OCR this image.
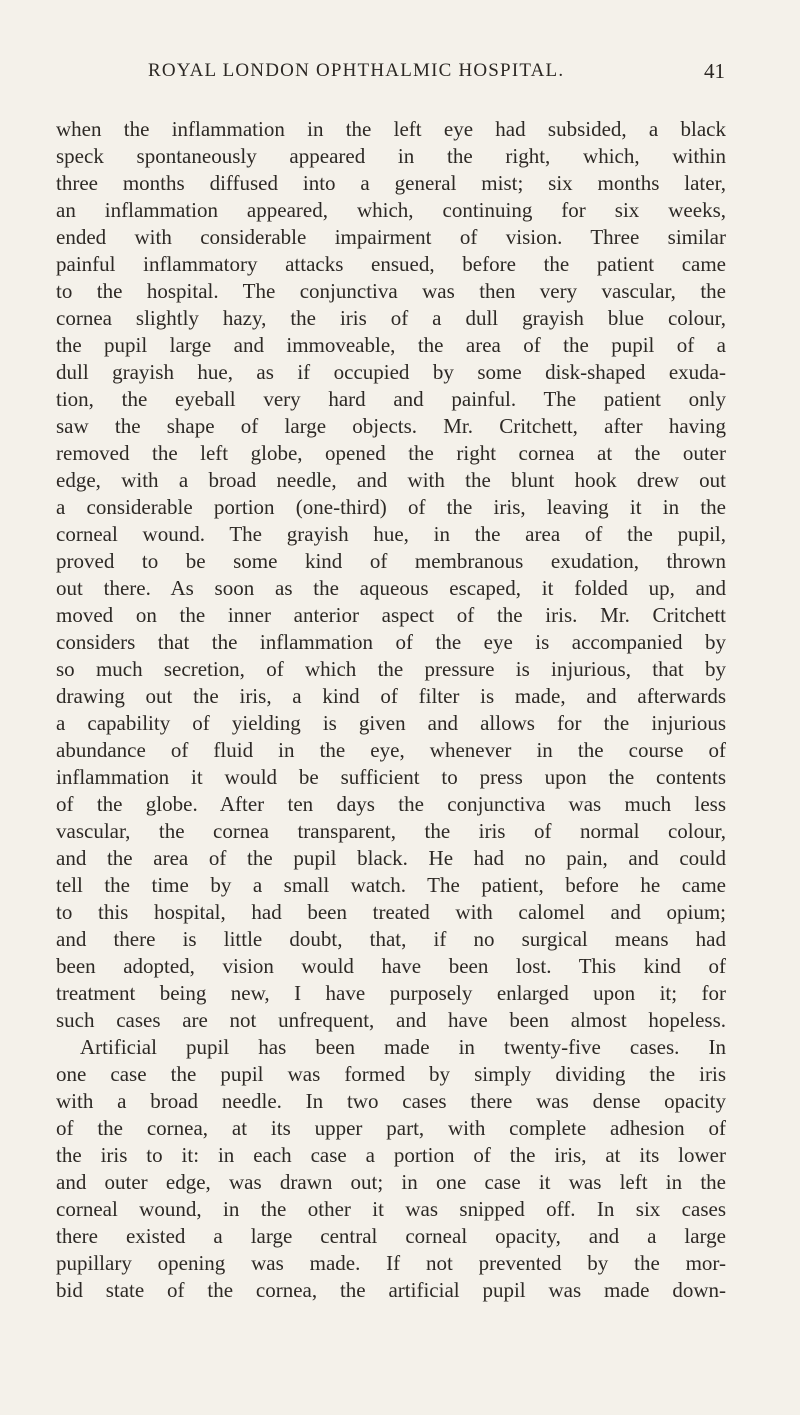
ROYAL LONDON OPHTHALMIC HOSPITAL.	41
when the inflammation in the left eye had subsided, a black
speck spontaneously appeared in the right, which, within
three months diffused into a general mist; six months later,
an inflammation appeared, which, continuing for six weeks,
ended with considerable impairment of vision. Three similar
painful inflammatory attacks ensued, before the patient came
to the hospital. The conjunctiva was then very vascular, the
cornea slightly hazy, the iris of a dull grayish blue colour,
the pupil large and immoveable, the area of the pupil of a
dull grayish hue, as if occupied by some disk-shaped exuda-
tion, the eyeball very hard and painful. The patient only
saw the shape of large objects. Mr. Critchett, after having
removed the left globe, opened the right cornea at the outer
edge, with a broad needle, and with the blunt hook drew out
a considerable portion (one-third) of the iris, leaving it in the
corneal wound. The grayish hue, in the area of the pupil,
proved to be some kind of membranous exudation, thrown
out there. As soon as the aqueous escaped, it folded up, and
moved on the inner anterior aspect of the iris. Mr. Critchett
considers that the inflammation of the eye is accompanied by
so much secretion, of which the pressure is injurious, that by
drawing out the iris, a kind of filter is made, and afterwards
a capability of yielding is given and allows for the injurious
abundance of fluid in the eye, whenever in the course of
inflammation it would be sufficient to press upon the contents
of the globe. After ten days the conjunctiva was much less
vascular, the cornea transparent, the iris of normal colour,
and the area of the pupil black. He had no pain, and could
tell the time by a small watch. The patient, before he came
to this hospital, had been treated with calomel and opium;
and there is little doubt, that, if no surgical means had
been adopted, vision would have been lost. This kind of
treatment being new, I have purposely enlarged upon it; for
such cases are not unfrequent, and have been almost hopeless.
Artificial pupil has been made in twenty-five cases. In
one case the pupil was formed by simply dividing the iris
with a broad needle. In two cases there was dense opacity
of the cornea, at its upper part, with complete adhesion of
the iris to it: in each case a portion of the iris, at its lower
and outer edge, was drawn out; in one case it was left in the
corneal wound, in the other it was snipped off. In six cases
there existed a large central corneal opacity, and a large
pupillary opening was made. If not prevented by the mor-
bid state of the cornea, the artificial pupil was made down-
